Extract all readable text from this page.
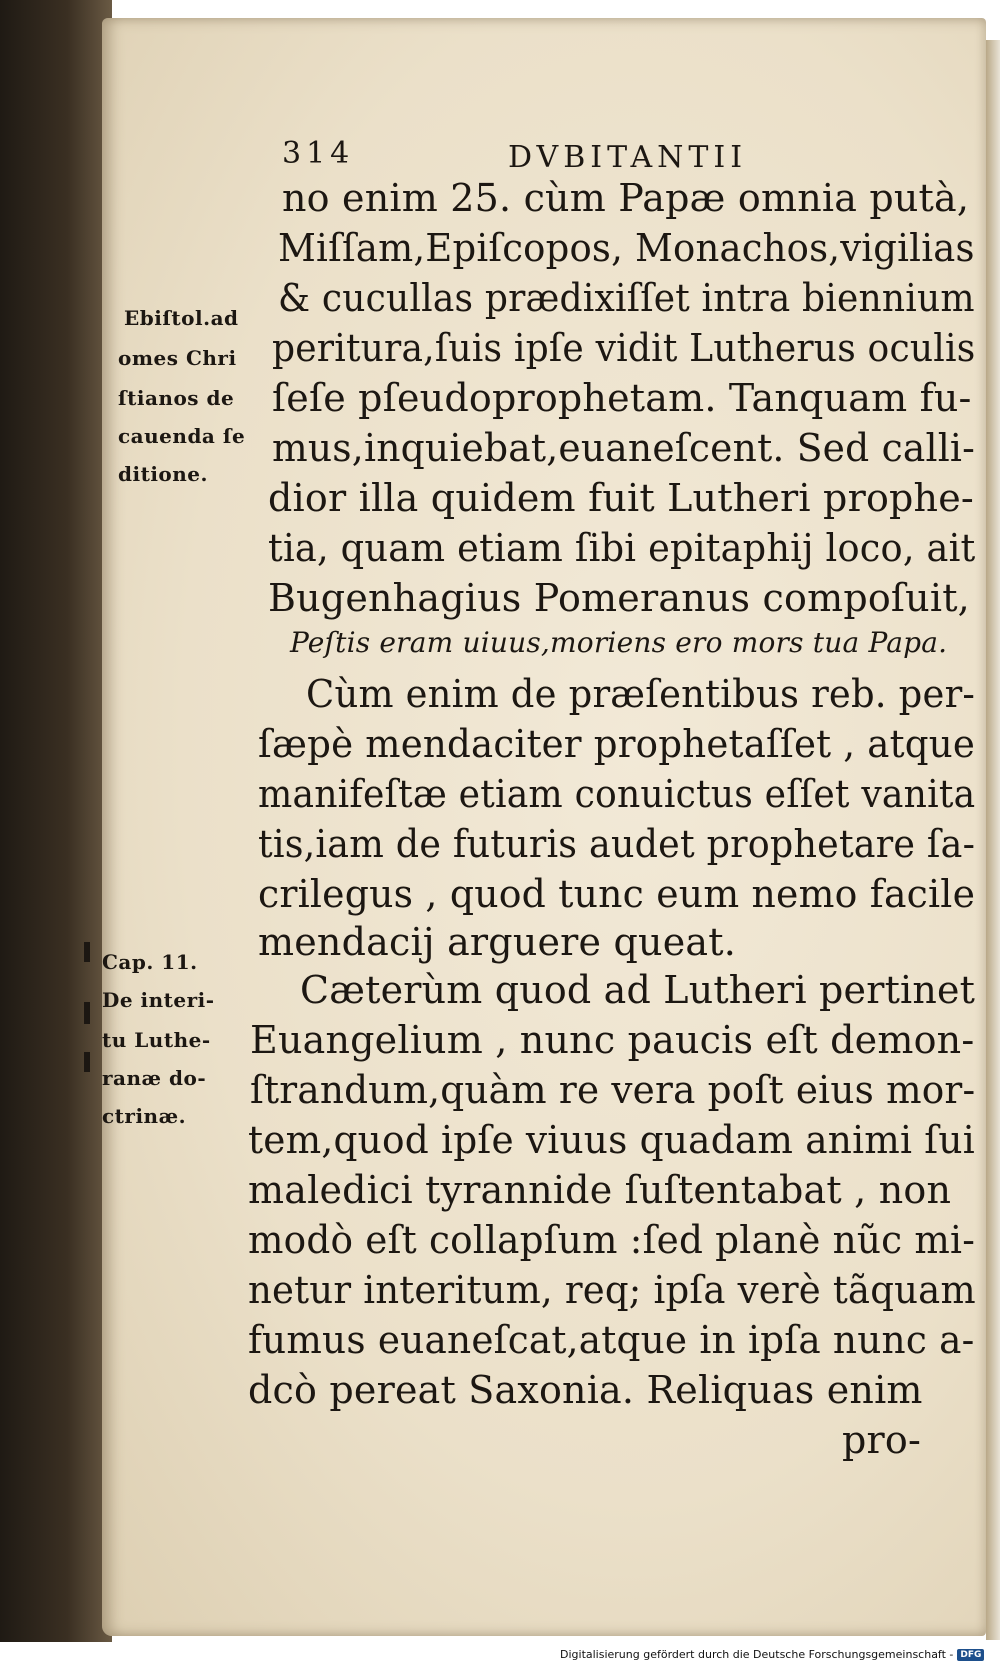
314	DVBITANTII
Ebiſtol.ad
omes Chri
ſtianos de
cauenda ſe
ditione.
Cap. 11.
De interi-
tu Luthe-
ranæ do-
ctrinæ.
no enim 25. cùm Papæ omnia putà,
Miſſam,Epiſcopos, Monachos,vigilias
& cucullas prædixiſſet intra biennium
peritura,ſuis ipſe vidit Lutherus oculis
ſeſe pſeudoprophetam. Tanquam fu-
mus,inquiebat,euaneſcent. Sed calli-
dior illa quidem fuit Lutheri prophe-
tia, quam etiam ſibi epitaphij loco, ait
Bugenhagius Pomeranus compoſuit,
Peſtis eram uiuus,moriens ero mors tua Papa.
Cùm enim de præſentibus reb. per-
ſæpè mendaciter prophetaſſet , atque
manifeſtæ etiam conuictus eſſet vanita
tis,iam de futuris audet prophetare ſa-
crilegus , quod tunc eum nemo facile
mendacij arguere queat.
Cæterùm quod ad Lutheri pertinet
Euangelium , nunc paucis eſt demon-
ſtrandum,quàm re vera poſt eius mor-
tem,quod ipſe viuus quadam animi ſui
maledici tyrannide ſuſtentabat , non
modò eſt collapſum :ſed planè nũc mi-
netur interitum, req; ipſa verè tãquam
fumus euaneſcat,atque in ipſa nunc a-
dcò pereat Saxonia. Reliquas enim
pro-
Digitalisierung gefördert durch die Deutsche Forschungsgemeinschaft - DFG
